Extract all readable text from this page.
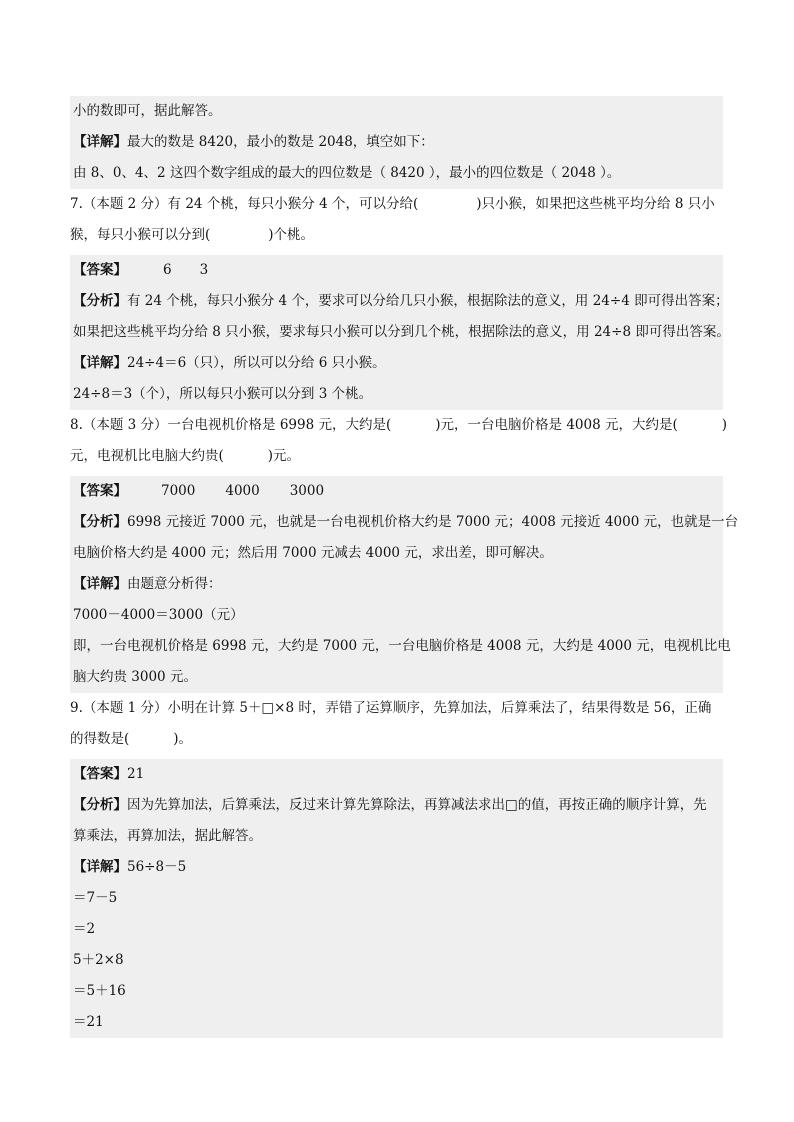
小的数即可，据此解答。
【详解】最大的数是 8420，最小的数是 2048，填空如下：
由 8、0、4、2 这四个数字组成的最大的四位数是（ 8420 ），最小的四位数是（ 2048 ）。
7.（本题 2 分）有 24 个桃，每只小猴分 4 个，可以分给(	)只小猴，如果把这些桃平均分给 8 只小
猴，每只小猴可以分到(	)个桃。
【答案】	6 3
【分析】有 24 个桃，每只小猴分 4 个，要求可以分给几只小猴，根据除法的意义，用 24÷4 即可得出答案；
如果把这些桃平均分给 8 只小猴，要求每只小猴可以分到几个桃，根据除法的意义，用 24÷8 即可得出答案。
【详解】24÷4＝6（只），所以可以分给 6 只小猴。
24÷8＝3（个），所以每只小猴可以分到 3 个桃。
8.（本题 3 分）一台电视机价格是 6998 元，大约是(	)元，一台电脑价格是 4008 元，大约是(	)
元，电视机比电脑大约贵(	)元。
【答案】	7000 4000 3000
【分析】6998 元接近 7000 元，也就是一台电视机价格大约是 7000 元；4008 元接近 4000 元，也就是一台
电脑价格大约是 4000 元；然后用 7000 元减去 4000 元，求出差，即可解决。
【详解】由题意分析得：
7000－4000＝3000（元）
即，一台电视机价格是 6998 元，大约是 7000 元，一台电脑价格是 4008 元，大约是 4000 元，电视机比电
脑大约贵 3000 元。
9.（本题 1 分）小明在计算 5＋□×8 时，弄错了运算顺序，先算加法，后算乘法了，结果得数是 56，正确
的得数是(	)。
【答案】21
【分析】因为先算加法，后算乘法，反过来计算先算除法，再算减法求出□的值，再按正确的顺序计算，先
算乘法，再算加法，据此解答。
【详解】56÷8－5
＝7－5
＝2
5＋2×8
＝5＋16
＝21
